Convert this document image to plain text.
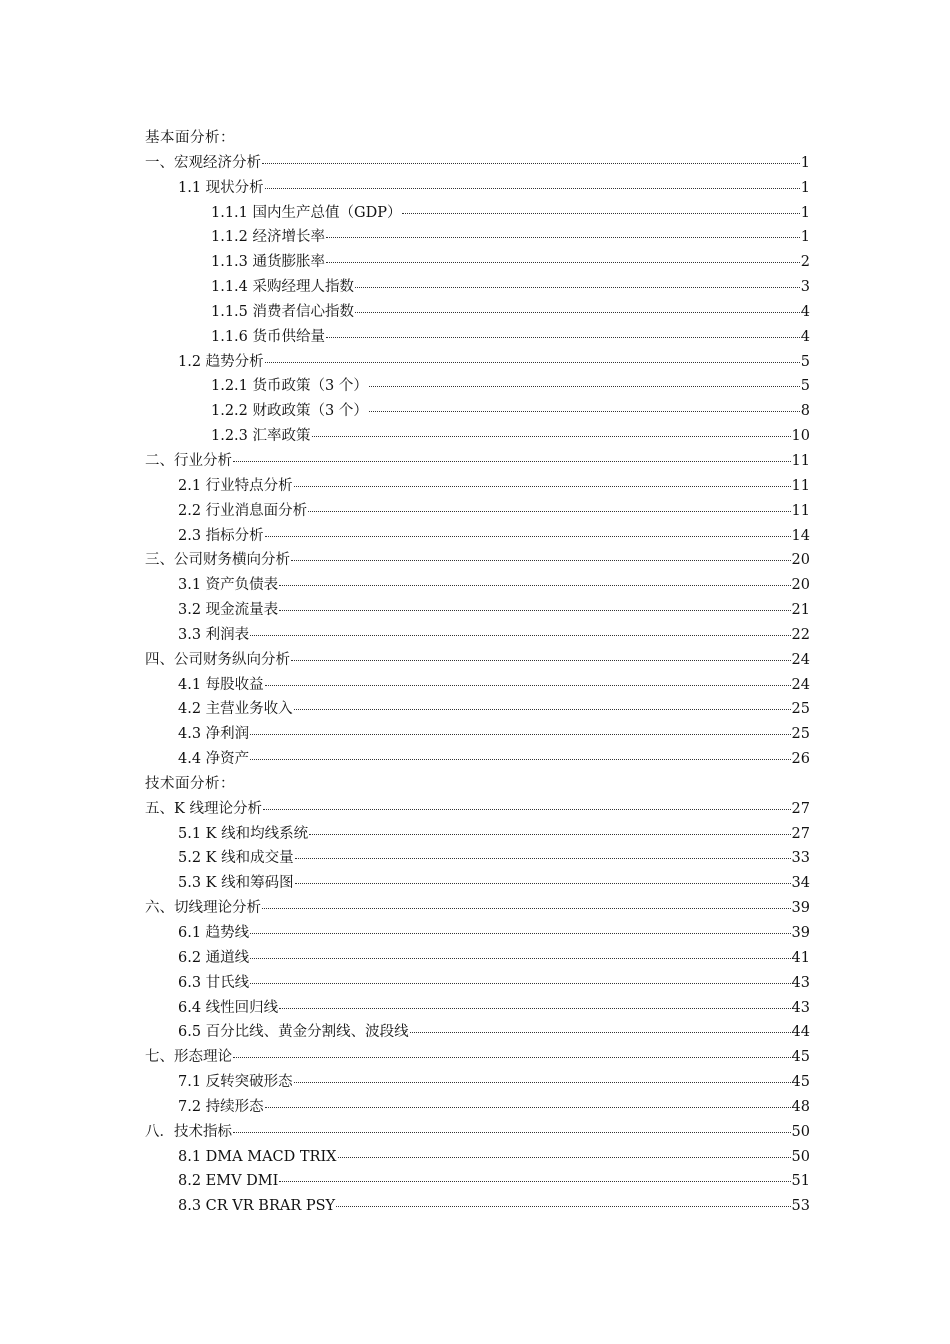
基本面分析：
一、宏观经济分析	1
1.1 现状分析	1
1.1.1 国内生产总值（GDP）	1
1.1.2 经济增长率	1
1.1.3 通货膨胀率	2
1.1.4 采购经理人指数	3
1.1.5 消费者信心指数	4
1.1.6 货币供给量	4
1.2 趋势分析	5
1.2.1 货币政策（3 个）	5
1.2.2 财政政策（3 个）	8
1.2.3 汇率政策	10
二、行业分析	11
2.1 行业特点分析	11
2.2 行业消息面分析	11
2.3 指标分析	14
三、公司财务横向分析	20
3.1 资产负债表	20
3.2 现金流量表	21
3.3 利润表	22
四、公司财务纵向分析	24
4.1 每股收益	24
4.2 主营业务收入	25
4.3 净利润	25
4.4 净资产	26
技术面分析：
五、K 线理论分析	27
5.1 K 线和均线系统	27
5.2 K 线和成交量	33
5.3 K 线和筹码图	34
六、切线理论分析	39
6.1 趋势线	39
6.2 通道线	41
6.3 甘氏线	43
6.4 线性回归线	43
6.5 百分比线、黄金分割线、波段线	44
七、形态理论	45
7.1 反转突破形态	45
7.2 持续形态	48
八．技术指标	50
8.1 DMA MACD TRIX	50
8.2 EMV DMI	51
8.3 CR VR BRAR PSY	53
